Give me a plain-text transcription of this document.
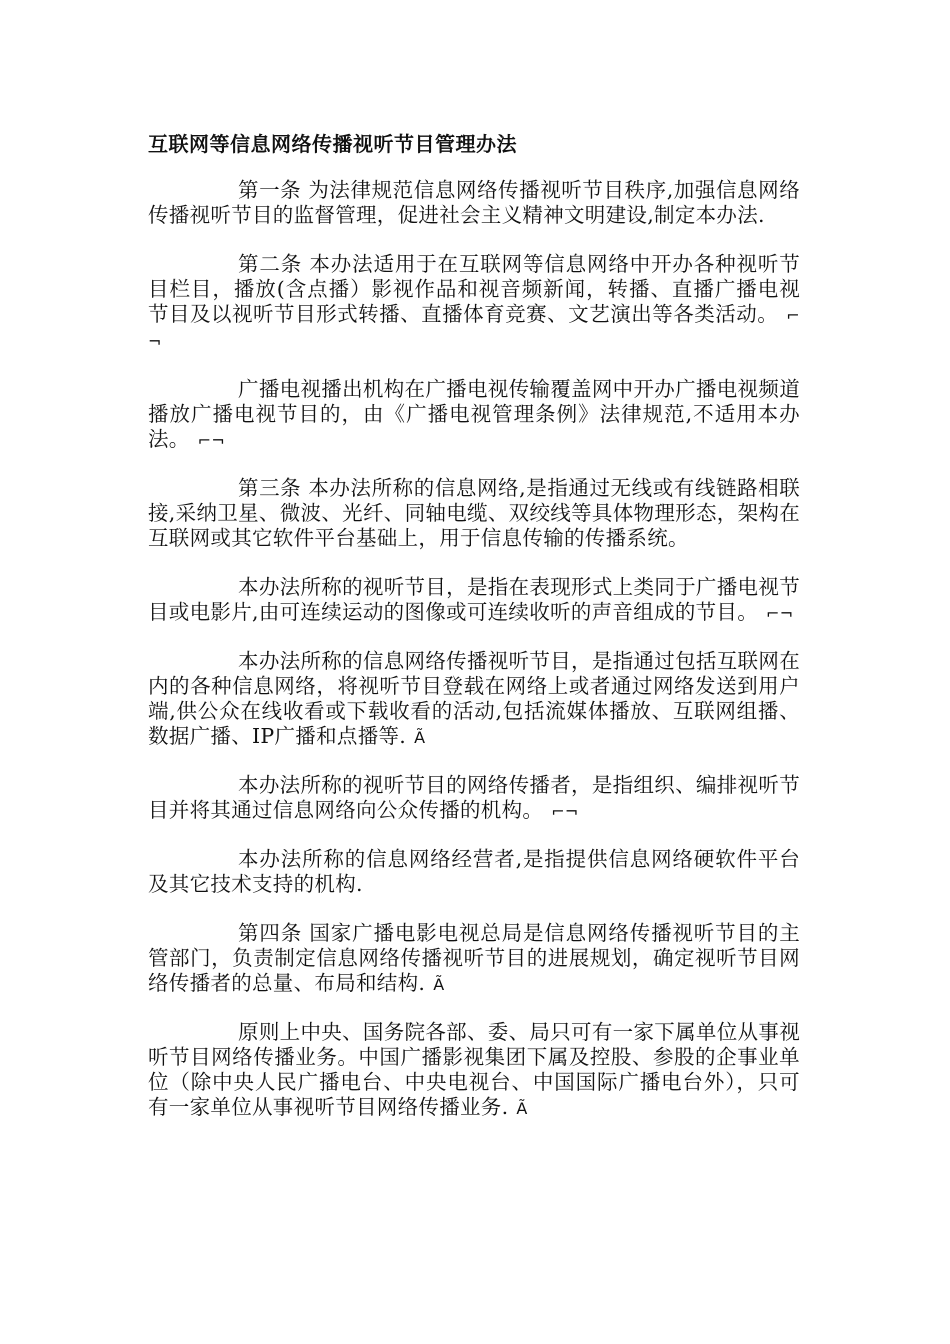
互联网等信息网络传播视听节目管理办法

第一条 为法律规范信息网络传播视听节目秩序,加强信息网络传播视听节目的监督管理，促进社会主义精神文明建设,制定本办法.

第二条 本办法适用于在互联网等信息网络中开办各种视听节目栏目，播放(含点播）影视作品和视音频新闻，转播、直播广播电视节目及以视听节目形式转播、直播体育竞赛、文艺演出等各类活动。 ⌐¬

广播电视播出机构在广播电视传输覆盖网中开办广播电视频道播放广播电视节目的，由《广播电视管理条例》法律规范,不适用本办法。 ⌐¬

第三条 本办法所称的信息网络,是指通过无线或有线链路相联接,采纳卫星、微波、光纤、同轴电缆、双绞线等具体物理形态，架构在互联网或其它软件平台基础上，用于信息传输的传播系统。

本办法所称的视听节目，是指在表现形式上类同于广播电视节目或电影片,由可连续运动的图像或可连续收听的声音组成的节目。 ⌐¬

本办法所称的信息网络传播视听节目，是指通过包括互联网在内的各种信息网络，将视听节目登载在网络上或者通过网络发送到用户端,供公众在线收看或下载收看的活动,包括流媒体播放、互联网组播、数据广播、IP广播和点播等. Ã

本办法所称的视听节目的网络传播者，是指组织、编排视听节目并将其通过信息网络向公众传播的机构。 ⌐¬

本办法所称的信息网络经营者,是指提供信息网络硬软件平台及其它技术支持的机构.

第四条 国家广播电影电视总局是信息网络传播视听节目的主管部门，负责制定信息网络传播视听节目的进展规划，确定视听节目网络传播者的总量、布局和结构. Ã

原则上中央、国务院各部、委、局只可有一家下属单位从事视听节目网络传播业务。中国广播影视集团下属及控股、参股的企事业单位（除中央人民广播电台、中央电视台、中国国际广播电台外），只可有一家单位从事视听节目网络传播业务. Ã
